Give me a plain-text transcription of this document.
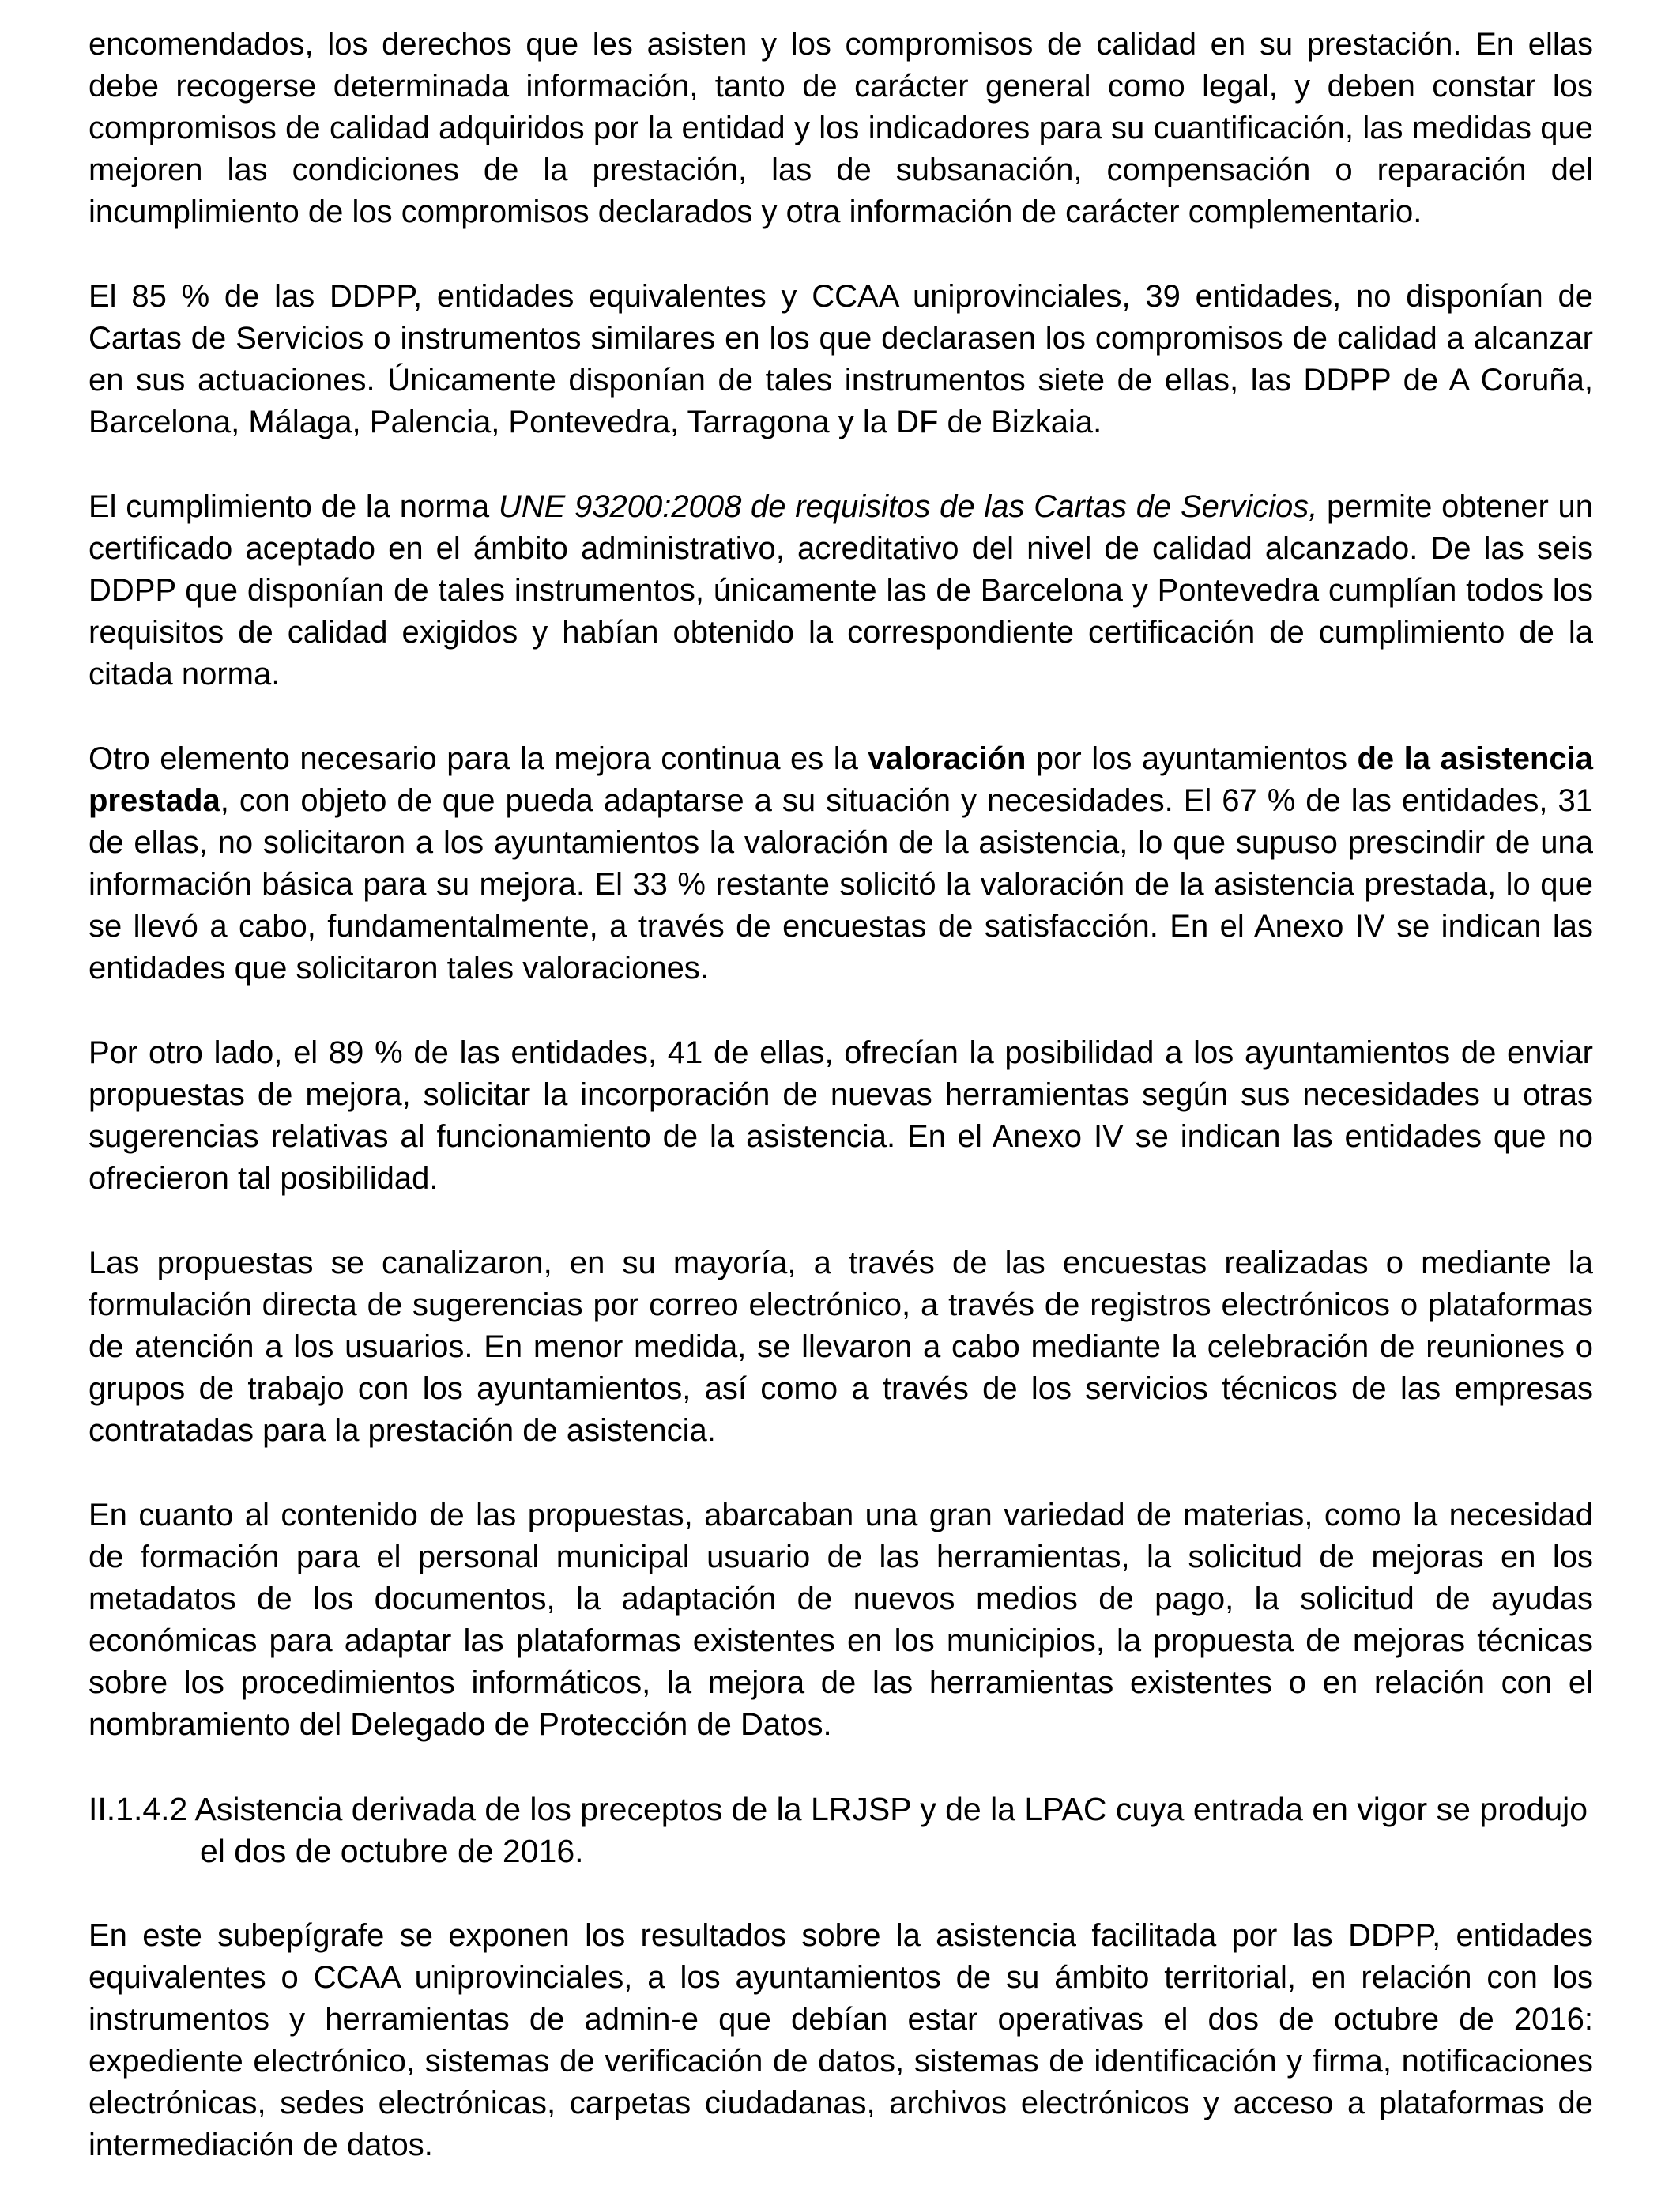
encomendados, los derechos que les asisten y los compromisos de calidad en su prestación. En ellas debe recogerse determinada información, tanto de carácter general como legal, y deben constar los compromisos de calidad adquiridos por la entidad y los indicadores para su cuantificación, las medidas que mejoren las condiciones de la prestación, las de subsanación, compensación o reparación del incumplimiento de los compromisos declarados y otra información de carácter complementario.

El 85 % de las DDPP, entidades equivalentes y CCAA uniprovinciales, 39 entidades, no disponían de Cartas de Servicios o instrumentos similares en los que declarasen los compromisos de calidad a alcanzar en sus actuaciones. Únicamente disponían de tales instrumentos siete de ellas, las DDPP de A Coruña, Barcelona, Málaga, Palencia, Pontevedra, Tarragona y la DF de Bizkaia.

El cumplimiento de la norma UNE 93200:2008 de requisitos de las Cartas de Servicios, permite obtener un certificado aceptado en el ámbito administrativo, acreditativo del nivel de calidad alcanzado. De las seis DDPP que disponían de tales instrumentos, únicamente las de Barcelona y Pontevedra cumplían todos los requisitos de calidad exigidos y habían obtenido la correspondiente certificación de cumplimiento de la citada norma.

Otro elemento necesario para la mejora continua es la valoración por los ayuntamientos de la asistencia prestada, con objeto de que pueda adaptarse a su situación y necesidades. El 67 % de las entidades, 31 de ellas, no solicitaron a los ayuntamientos la valoración de la asistencia, lo que supuso prescindir de una información básica para su mejora. El 33 % restante solicitó la valoración de la asistencia prestada, lo que se llevó a cabo, fundamentalmente, a través de encuestas de satisfacción. En el Anexo IV se indican las entidades que solicitaron tales valoraciones.

Por otro lado, el 89 % de las entidades, 41 de ellas, ofrecían la posibilidad a los ayuntamientos de enviar propuestas de mejora, solicitar la incorporación de nuevas herramientas según sus necesidades u otras sugerencias relativas al funcionamiento de la asistencia. En el Anexo IV se indican las entidades que no ofrecieron tal posibilidad.

Las propuestas se canalizaron, en su mayoría, a través de las encuestas realizadas o mediante la formulación directa de sugerencias por correo electrónico, a través de registros electrónicos o plataformas de atención a los usuarios. En menor medida, se llevaron a cabo mediante la celebración de reuniones o grupos de trabajo con los ayuntamientos, así como a través de los servicios técnicos de las empresas contratadas para la prestación de asistencia.

En cuanto al contenido de las propuestas, abarcaban una gran variedad de materias, como la necesidad de formación para el personal municipal usuario de las herramientas, la solicitud de mejoras en los metadatos de los documentos, la adaptación de nuevos medios de pago, la solicitud de ayudas económicas para adaptar las plataformas existentes en los municipios, la propuesta de mejoras técnicas sobre los procedimientos informáticos, la mejora de las herramientas existentes o en relación con el nombramiento del Delegado de Protección de Datos.

II.1.4.2 Asistencia derivada de los preceptos de la LRJSP y de la LPAC cuya entrada en vigor se produjo el dos de octubre de 2016.

En este subepígrafe se exponen los resultados sobre la asistencia facilitada por las DDPP, entidades equivalentes o CCAA uniprovinciales, a los ayuntamientos de su ámbito territorial, en relación con los instrumentos y herramientas de admin-e que debían estar operativas el dos de octubre de 2016: expediente electrónico, sistemas de verificación de datos, sistemas de identificación y firma, notificaciones electrónicas, sedes electrónicas, carpetas ciudadanas, archivos electrónicos y acceso a plataformas de intermediación de datos.
